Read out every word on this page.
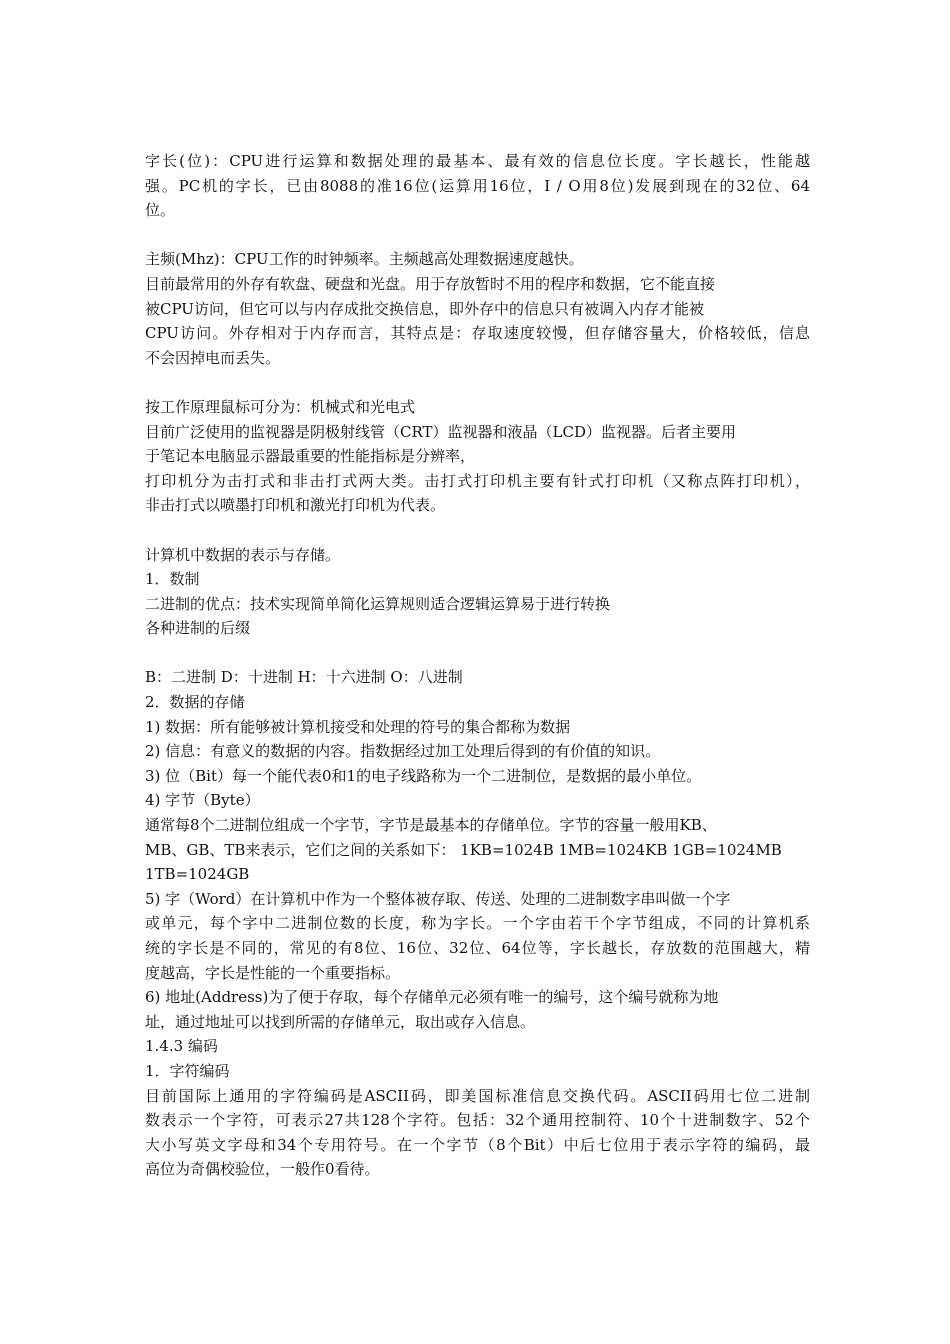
字长(位)：CPU进行运算和数据处理的最基本、最有效的信息位长度。字长越长，性能越
强。PC机的字长，已由8088的准16位(运算用16位，I / O用8位)发展到现在的32位、64
位。
主频(Mhz)：CPU工作的时钟频率。主频越高处理数据速度越快。
目前最常用的外存有软盘、硬盘和光盘。用于存放暂时不用的程序和数据，它不能直接
被CPU访问，但它可以与内存成批交换信息，即外存中的信息只有被调入内存才能被
CPU访问。外存相对于内存而言，其特点是：存取速度较慢，但存储容量大，价格较低，信息
不会因掉电而丢失。
按工作原理鼠标可分为：机械式和光电式
目前广泛使用的监视器是阴极射线管（CRT）监视器和液晶（LCD）监视器。后者主要用
于笔记本电脑显示器最重要的性能指标是分辨率，
打印机分为击打式和非击打式两大类。击打式打印机主要有针式打印机（又称点阵打印机），
非击打式以喷墨打印机和激光打印机为代表。
计算机中数据的表示与存储。
1．数制
二进制的优点：技术实现简单简化运算规则适合逻辑运算易于进行转换
各种进制的后缀
B：二进制 D：十进制 H：十六进制 O：八进制
2．数据的存储
1) 数据：所有能够被计算机接受和处理的符号的集合都称为数据
2) 信息：有意义的数据的内容。指数据经过加工处理后得到的有价值的知识。
3) 位（Bit）每一个能代表0和1的电子线路称为一个二进制位，是数据的最小单位。
4) 字节（Byte）
通常每8个二进制位组成一个字节，字节是最基本的存储单位。字节的容量一般用KB、
MB、GB、TB来表示，它们之间的关系如下： 1KB=1024B 1MB=1024KB 1GB=1024MB
1TB=1024GB
5) 字（Word）在计算机中作为一个整体被存取、传送、处理的二进制数字串叫做一个字
或单元，每个字中二进制位数的长度，称为字长。一个字由若干个字节组成，不同的计算机系
统的字长是不同的，常见的有8位、16位、32位、64位等，字长越长，存放数的范围越大，精
度越高，字长是性能的一个重要指标。
6) 地址(Address)为了便于存取，每个存储单元必须有唯一的编号，这个编号就称为地
址，通过地址可以找到所需的存储单元，取出或存入信息。
1.4.3 编码
1．字符编码
目前国际上通用的字符编码是ASCII码，即美国标准信息交换代码。ASCII码用七位二进制
数表示一个字符，可表示27共128个字符。包括：32个通用控制符、10个十进制数字、52个
大小写英文字母和34个专用符号。在一个字节（8个Bit）中后七位用于表示字符的编码，最
高位为奇偶校验位，一般作0看待。
